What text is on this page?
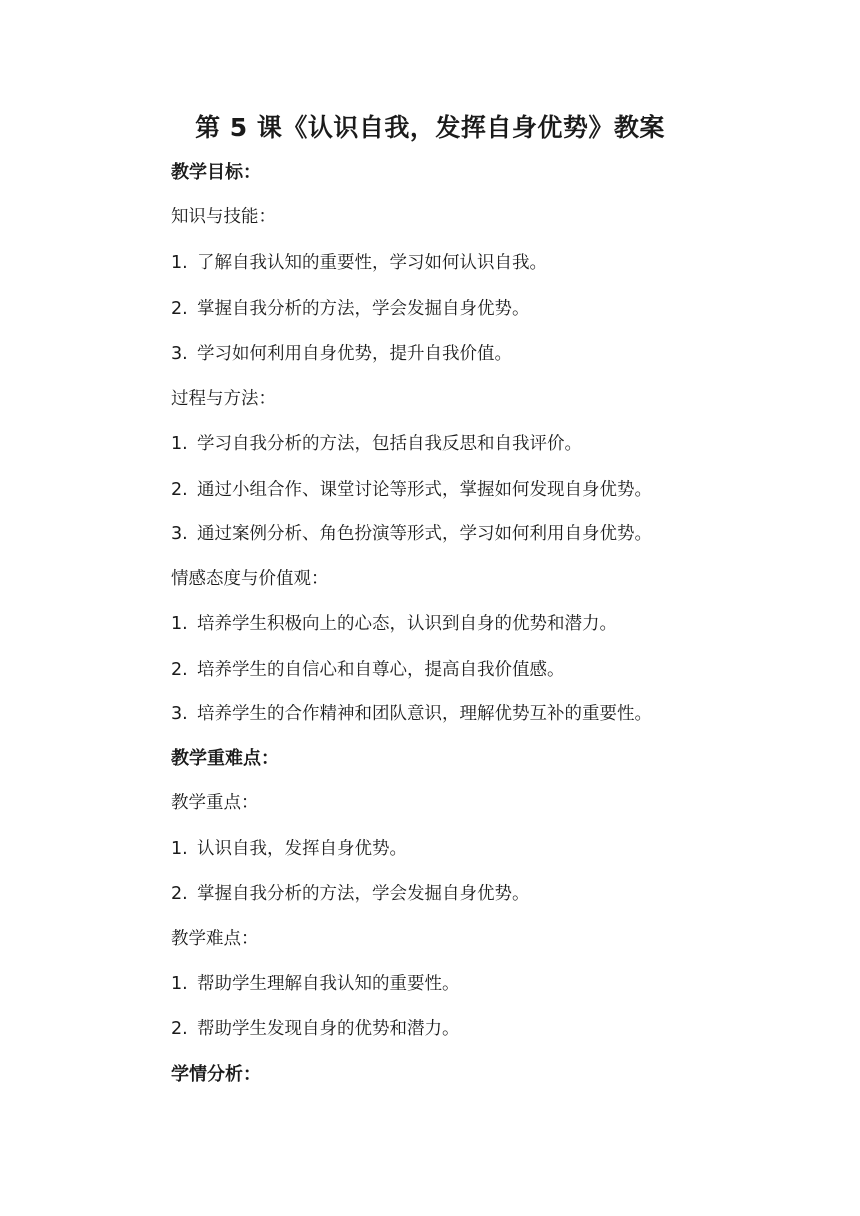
第 5 课《认识自我，发挥自身优势》教案
教学目标：
知识与技能：
1. 了解自我认知的重要性，学习如何认识自我。
2. 掌握自我分析的方法，学会发掘自身优势。
3. 学习如何利用自身优势，提升自我价值。
过程与方法：
1. 学习自我分析的方法，包括自我反思和自我评价。
2. 通过小组合作、课堂讨论等形式，掌握如何发现自身优势。
3. 通过案例分析、角色扮演等形式，学习如何利用自身优势。
情感态度与价值观：
1. 培养学生积极向上的心态，认识到自身的优势和潜力。
2. 培养学生的自信心和自尊心，提高自我价值感。
3. 培养学生的合作精神和团队意识，理解优势互补的重要性。
教学重难点：
教学重点：
1. 认识自我，发挥自身优势。
2. 掌握自我分析的方法，学会发掘自身优势。
教学难点：
1. 帮助学生理解自我认知的重要性。
2. 帮助学生发现自身的优势和潜力。
学情分析：
